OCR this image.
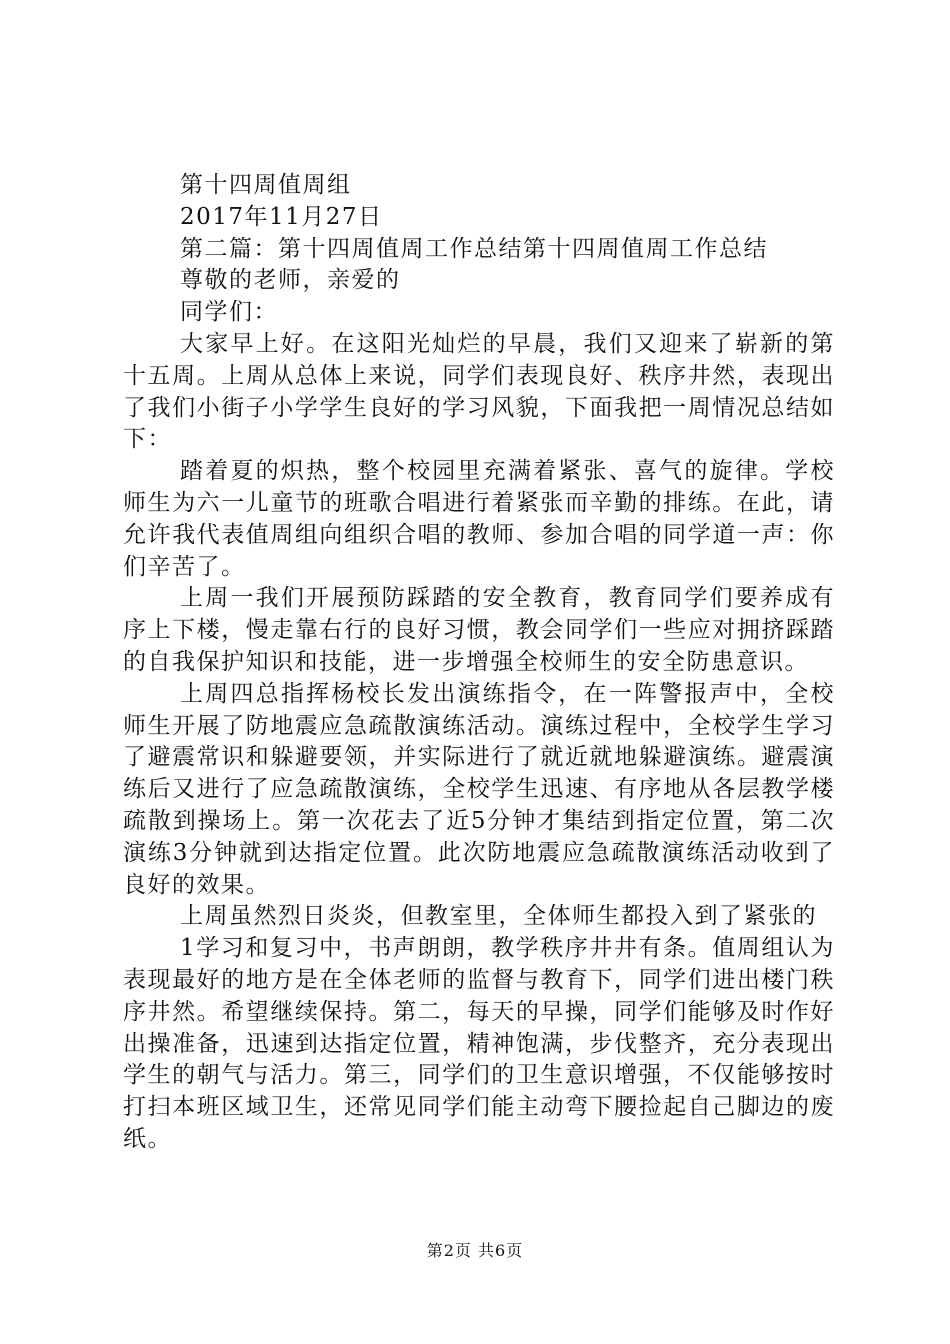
第十四周值周组
2017年11月27日
第二篇：第十四周值周工作总结第十四周值周工作总结
尊敬的老师，亲爱的
同学们：
大家早上好。在这阳光灿烂的早晨，我们又迎来了崭新的第十五周。上周从总体上来说，同学们表现良好、秩序井然，表现出了我们小街子小学学生良好的学习风貌，下面我把一周情况总结如下：
踏着夏的炽热，整个校园里充满着紧张、喜气的旋律。学校师生为六一儿童节的班歌合唱进行着紧张而辛勤的排练。在此，请允许我代表值周组向组织合唱的教师、参加合唱的同学道一声：你们辛苦了。
上周一我们开展预防踩踏的安全教育，教育同学们要养成有序上下楼，慢走靠右行的良好习惯，教会同学们一些应对拥挤踩踏的自我保护知识和技能，进一步增强全校师生的安全防患意识。
上周四总指挥杨校长发出演练指令，在一阵警报声中，全校师生开展了防地震应急疏散演练活动。演练过程中，全校学生学习了避震常识和躲避要领，并实际进行了就近就地躲避演练。避震演练后又进行了应急疏散演练，全校学生迅速、有序地从各层教学楼疏散到操场上。第一次花去了近5分钟才集结到指定位置，第二次演练3分钟就到达指定位置。此次防地震应急疏散演练活动收到了良好的效果。
上周虽然烈日炎炎，但教室里，全体师生都投入到了紧张的
1学习和复习中，书声朗朗，教学秩序井井有条。值周组认为表现最好的地方是在全体老师的监督与教育下，同学们进出楼门秩序井然。希望继续保持。第二，每天的早操，同学们能够及时作好出操准备，迅速到达指定位置，精神饱满，步伐整齐，充分表现出学生的朝气与活力。第三，同学们的卫生意识增强，不仅能够按时打扫本班区域卫生，还常见同学们能主动弯下腰捡起自己脚边的废纸。
第2页 共6页
